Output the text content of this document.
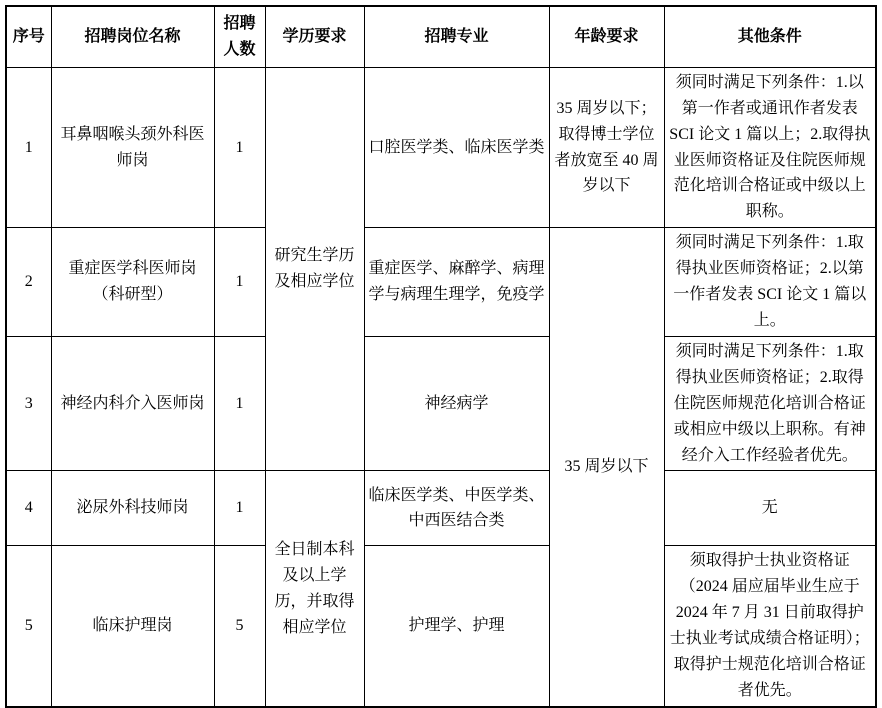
序号	招聘岗位名称	招聘人数	学历要求	招聘专业	年龄要求	其他条件
1	耳鼻咽喉头颈外科医师岗	1	研究生学历及相应学位	口腔医学类、临床医学类	35 周岁以下；取得博士学位者放宽至 40 周岁以下	须同时满足下列条件：1.以第一作者或通讯作者发表 SCI 论文 1 篇以上；2.取得执业医师资格证及住院医师规范化培训合格证或中级以上职称。
2	重症医学科医师岗（科研型）	1		重症医学、麻醉学、病理学与病理生理学，免疫学	35 周岁以下	须同时满足下列条件：1.取得执业医师资格证；2.以第一作者发表 SCI 论文 1 篇以上。
3	神经内科介入医师岗	1		神经病学		须同时满足下列条件：1.取得执业医师资格证；2.取得住院医师规范化培训合格证或相应中级以上职称。有神经介入工作经验者优先。
4	泌尿外科技师岗	1	全日制本科及以上学历，并取得相应学位	临床医学类、中医学类、中西医结合类		无
5	临床护理岗	5		护理学、护理		须取得护士执业资格证（2024 届应届毕业生应于 2024 年 7 月 31 日前取得护士执业考试成绩合格证明）；取得护士规范化培训合格证者优先。
